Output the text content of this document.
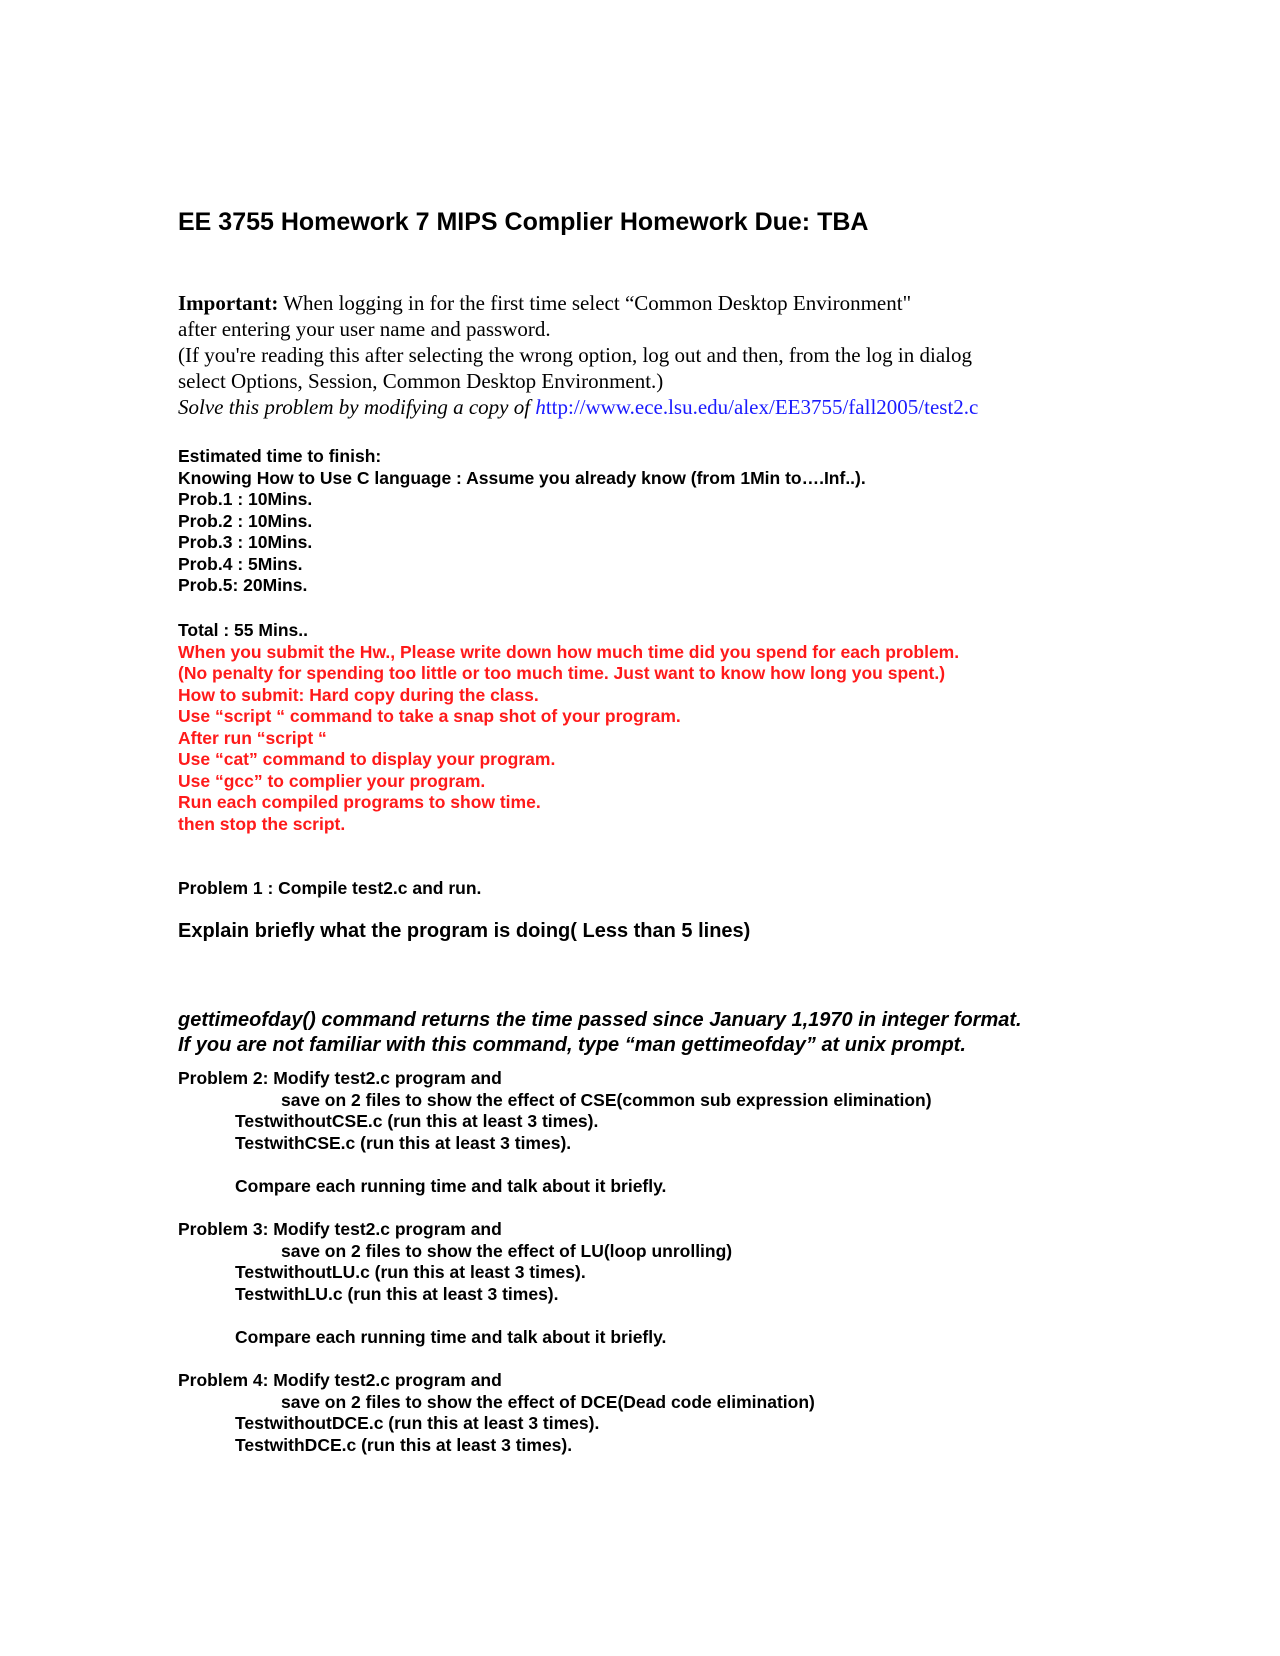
EE 3755 Homework 7 MIPS Complier Homework Due: TBA
Important: When logging in for the first time select “Common Desktop Environment"
after entering your user name and password.
(If you're reading this after selecting the wrong option, log out and then, from the log in dialog
select Options, Session, Common Desktop Environment.)
Solve this problem by modifying a copy of http://www.ece.lsu.edu/alex/EE3755/fall2005/test2.c
Estimated time to finish:
Knowing How to Use C language : Assume you already know (from 1Min to….Inf..).
Prob.1 : 10Mins.
Prob.2 : 10Mins.
Prob.3 : 10Mins.
Prob.4 : 5Mins.
Prob.5: 20Mins.
Total : 55 Mins..
When you submit the Hw., Please write down how much time did you spend for each problem.
(No penalty for spending too little or too much time. Just want to know how long you spent.)
How to submit: Hard copy during the class.
Use “script “ command to take a snap shot of your program.
After run “script “
Use “cat” command to display your program.
Use “gcc” to complier your program.
Run each compiled programs to show time.
then stop the script.
Problem 1 : Compile test2.c and run.
Explain briefly what the program is doing( Less than 5 lines)
gettimeofday() command returns the time passed since January 1,1970 in integer format.
If you are not familiar with this command, type “man gettimeofday” at unix prompt.
Problem 2: Modify test2.c program and
save on 2 files to show the effect of CSE(common sub expression elimination)
TestwithoutCSE.c (run this at least 3 times).
TestwithCSE.c (run this at least 3 times).
Compare each running time and talk about it briefly.
Problem 3: Modify test2.c program and
save on 2 files to show the effect of LU(loop unrolling)
TestwithoutLU.c (run this at least 3 times).
TestwithLU.c (run this at least 3 times).
Compare each running time and talk about it briefly.
Problem 4: Modify test2.c program and
save on 2 files to show the effect of DCE(Dead code elimination)
TestwithoutDCE.c (run this at least 3 times).
TestwithDCE.c (run this at least 3 times).
